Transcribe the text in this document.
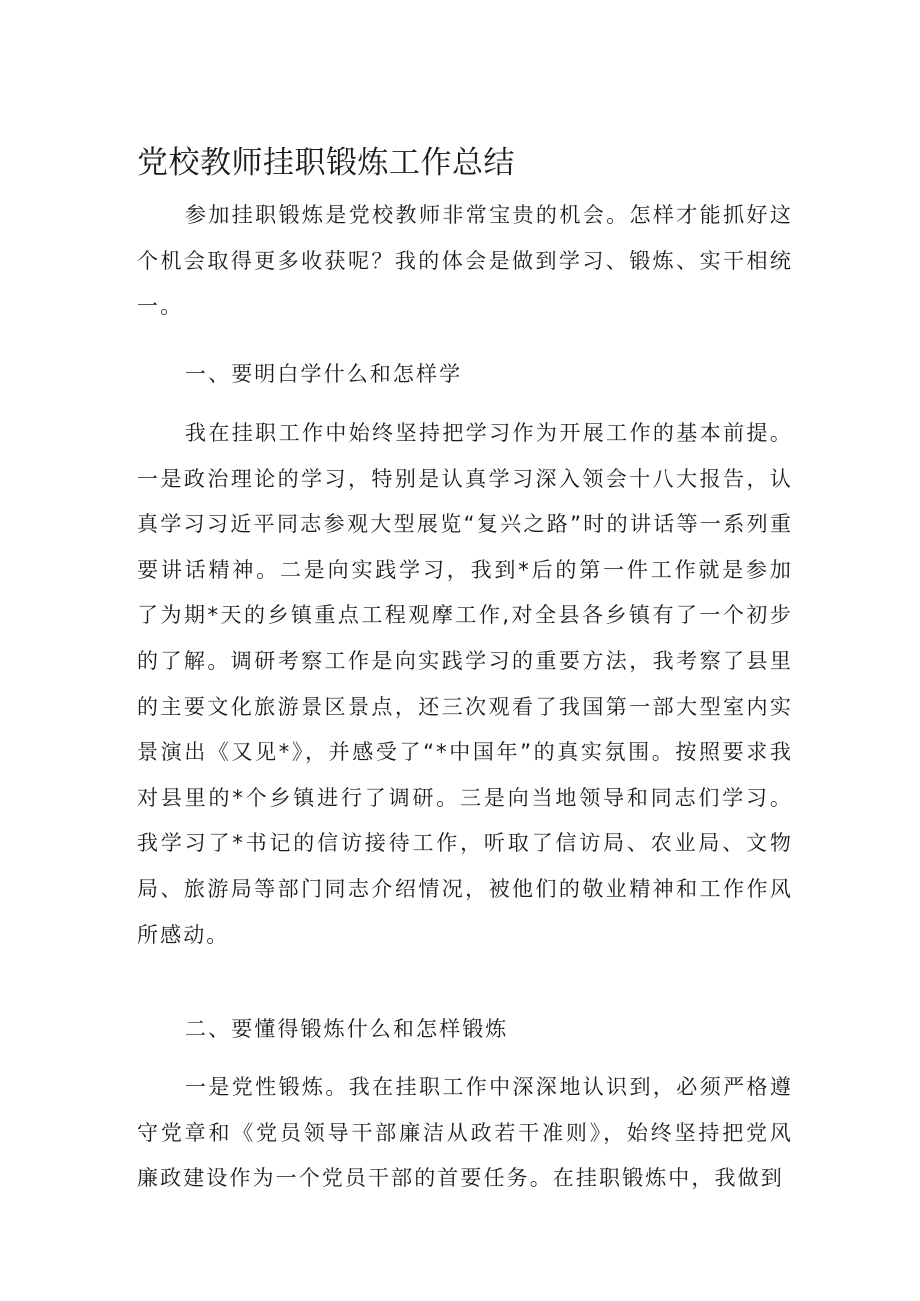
党校教师挂职锻炼工作总结

参加挂职锻炼是党校教师非常宝贵的机会。怎样才能抓好这个机会取得更多收获呢？我的体会是做到学习、锻炼、实干相统一。

一、要明白学什么和怎样学

我在挂职工作中始终坚持把学习作为开展工作的基本前提。一是政治理论的学习，特别是认真学习深入领会十八大报告，认真学习习近平同志参观大型展览“复兴之路”时的讲话等一系列重要讲话精神。二是向实践学习，我到*后的第一件工作就是参加了为期*天的乡镇重点工程观摩工作,对全县各乡镇有了一个初步的了解。调研考察工作是向实践学习的重要方法，我考察了县里的主要文化旅游景区景点，还三次观看了我国第一部大型室内实景演出《又见*》，并感受了“*中国年”的真实氛围。按照要求我对县里的*个乡镇进行了调研。三是向当地领导和同志们学习。我学习了*书记的信访接待工作，听取了信访局、农业局、文物局、旅游局等部门同志介绍情况，被他们的敬业精神和工作作风所感动。

二、要懂得锻炼什么和怎样锻炼

一是党性锻炼。我在挂职工作中深深地认识到，必须严格遵守党章和《党员领导干部廉洁从政若干准则》，始终坚持把党风廉政建设作为一个党员干部的首要任务。在挂职锻炼中，我做到
